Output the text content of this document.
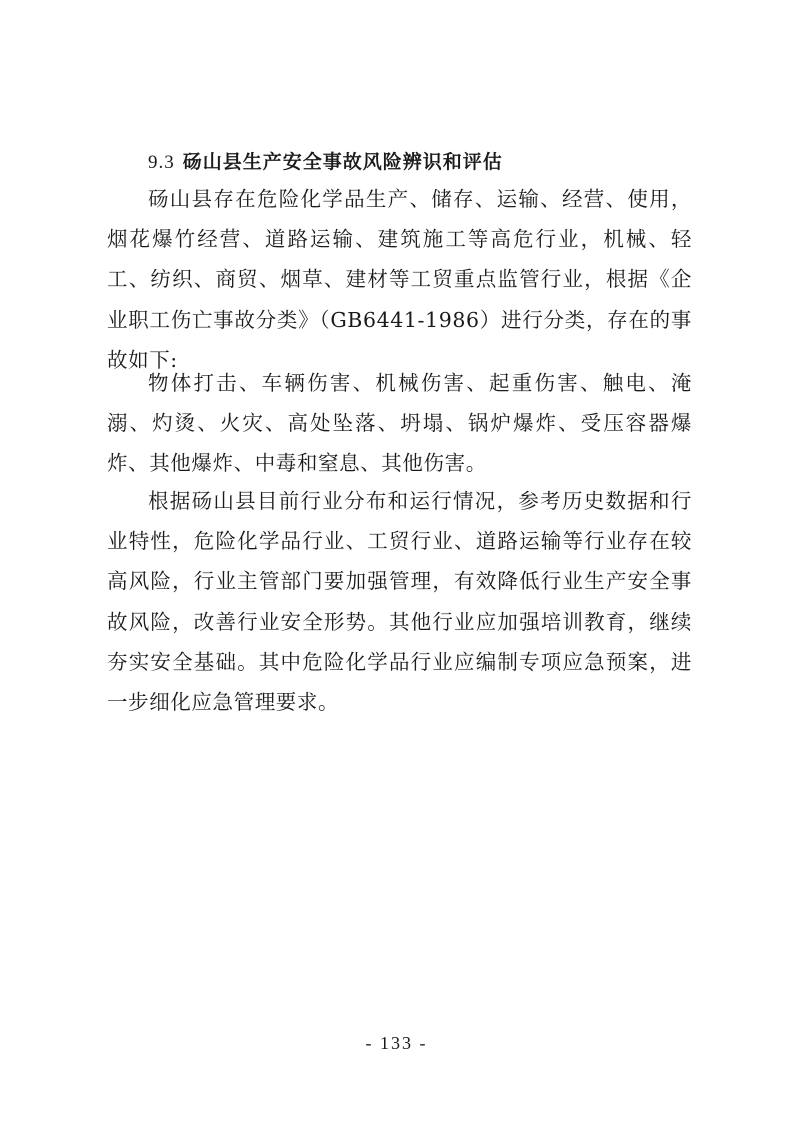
9.3 砀山县生产安全事故风险辨识和评估

砀山县存在危险化学品生产、储存、运输、经营、使用，烟花爆竹经营、道路运输、建筑施工等高危行业，机械、轻工、纺织、商贸、烟草、建材等工贸重点监管行业，根据《企业职工伤亡事故分类》（GB6441-1986）进行分类，存在的事故如下:

物体打击、车辆伤害、机械伤害、起重伤害、触电、淹溺、灼烫、火灾、高处坠落、坍塌、锅炉爆炸、受压容器爆炸、其他爆炸、中毒和窒息、其他伤害。

根据砀山县目前行业分布和运行情况，参考历史数据和行业特性，危险化学品行业、工贸行业、道路运输等行业存在较高风险，行业主管部门要加强管理，有效降低行业生产安全事故风险，改善行业安全形势。其他行业应加强培训教育，继续夯实安全基础。其中危险化学品行业应编制专项应急预案，进一步细化应急管理要求。

- 133 -
